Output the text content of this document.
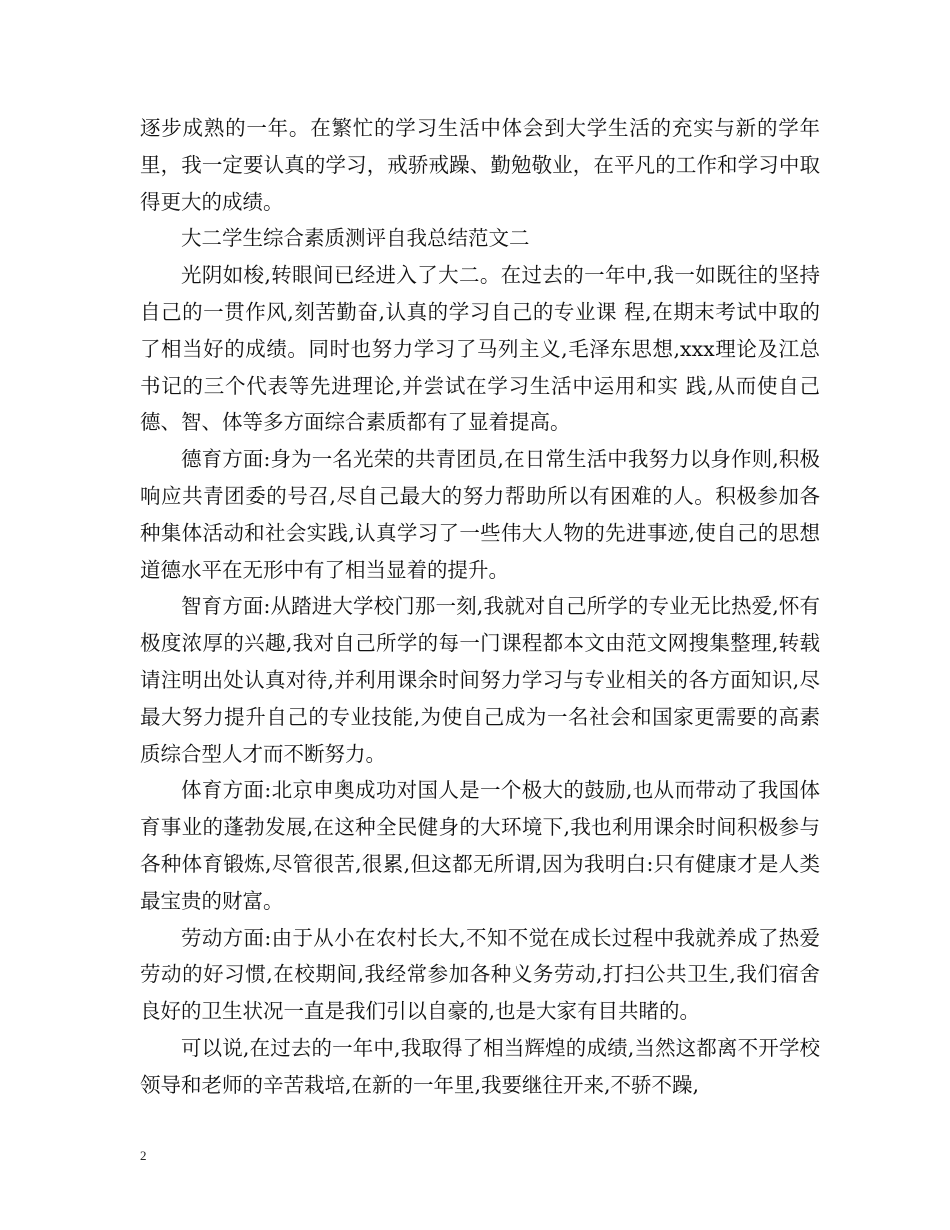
逐步成熟的一年。在繁忙的学习生活中体会到大学生活的充实与新的学年里，我一定要认真的学习，戒骄戒躁、勤勉敬业，在平凡的工作和学习中取得更大的成绩。

大二学生综合素质测评自我总结范文二

光阴如梭,转眼间已经进入了大二。在过去的一年中,我一如既往的坚持自己的一贯作风,刻苦勤奋,认真的学习自己的专业课 程,在期末考试中取的了相当好的成绩。同时也努力学习了马列主义,毛泽东思想,xxx理论及江总书记的三个代表等先进理论,并尝试在学习生活中运用和实 践,从而使自己德、智、体等多方面综合素质都有了显着提高。

德育方面:身为一名光荣的共青团员,在日常生活中我努力以身作则,积极响应共青团委的号召,尽自己最大的努力帮助所以有困难的人。积极参加各种集体活动和社会实践,认真学习了一些伟大人物的先进事迹,使自己的思想道德水平在无形中有了相当显着的提升。

智育方面:从踏进大学校门那一刻,我就对自己所学的专业无比热爱,怀有极度浓厚的兴趣,我对自己所学的每一门课程都本文由范文网搜集整理,转载请注明出处认真对待,并利用课余时间努力学习与专业相关的各方面知识,尽最大努力提升自己的专业技能,为使自己成为一名社会和国家更需要的高素质综合型人才而不断努力。

体育方面:北京申奥成功对国人是一个极大的鼓励,也从而带动了我国体育事业的蓬勃发展,在这种全民健身的大环境下,我也利用课余时间积极参与各种体育锻炼,尽管很苦,很累,但这都无所谓,因为我明白:只有健康才是人类最宝贵的财富。

劳动方面:由于从小在农村长大,不知不觉在成长过程中我就养成了热爱劳动的好习惯,在校期间,我经常参加各种义务劳动,打扫公共卫生,我们宿舍良好的卫生状况一直是我们引以自豪的,也是大家有目共睹的。

可以说,在过去的一年中,我取得了相当辉煌的成绩,当然这都离不开学校领导和老师的辛苦栽培,在新的一年里,我要继往开来,不骄不躁,

2
